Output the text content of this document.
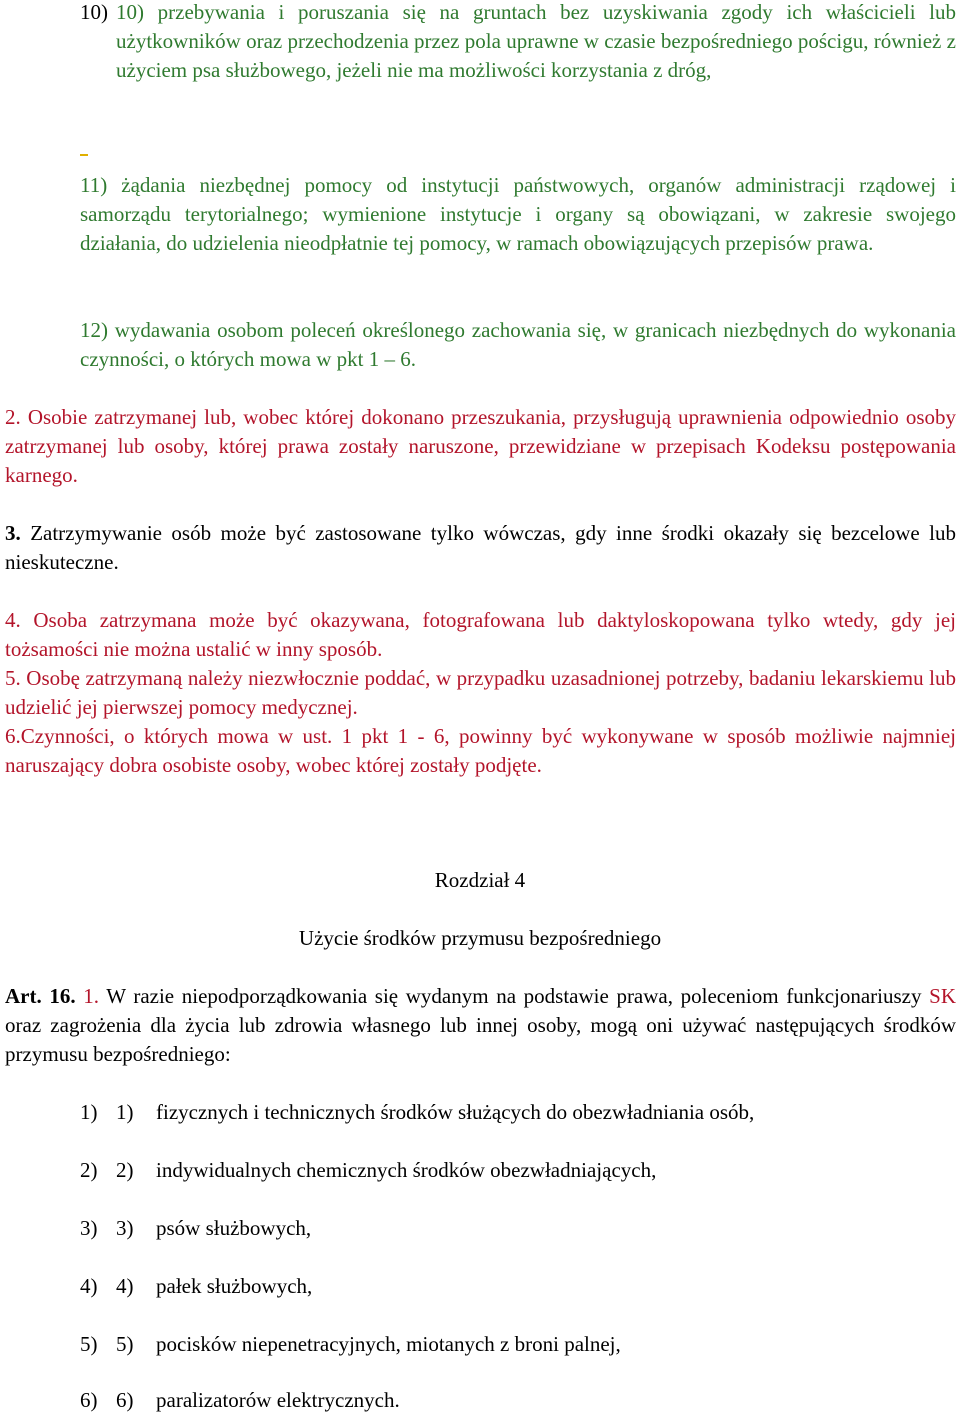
10) 10) przebywania i poruszania się na gruntach bez uzyskiwania zgody ich właścicieli lub użytkowników oraz przechodzenia przez pola uprawne w czasie bezpośredniego pościgu, również z użyciem psa służbowego, jeżeli nie ma możliwości korzystania z dróg,

11) żądania niezbędnej pomocy od instytucji państwowych, organów administracji rządowej i samorządu terytorialnego; wymienione instytucje i organy są obowiązani, w zakresie swojego działania, do udzielenia nieodpłatnie tej pomocy, w ramach obowiązujących przepisów prawa.

12) wydawania osobom poleceń określonego zachowania się, w granicach niezbędnych do wykonania czynności, o których mowa w pkt 1 – 6.

2. Osobie zatrzymanej lub, wobec której dokonano przeszukania, przysługują uprawnienia odpowiednio osoby zatrzymanej lub osoby, której prawa zostały naruszone, przewidziane w przepisach Kodeksu postępowania karnego.

3. Zatrzymywanie osób może być zastosowane tylko wówczas, gdy inne środki okazały się bezcelowe lub nieskuteczne.

4. Osoba zatrzymana może być okazywana, fotografowana lub daktyloskopowana tylko wtedy, gdy jej tożsamości nie można ustalić w inny sposób.

5. Osobę zatrzymaną należy niezwłocznie poddać, w przypadku uzasadnionej potrzeby, badaniu lekarskiemu lub udzielić jej pierwszej pomocy medycznej.

6.Czynności, o których mowa w ust. 1 pkt 1 - 6, powinny być wykonywane w sposób możliwie najmniej naruszający dobra osobiste osoby, wobec której zostały podjęte.

Rozdział 4
Użycie środków przymusu bezpośredniego

Art. 16. 1. W razie niepodporządkowania się wydanym na podstawie prawa, poleceniom funkcjonariuszy SK oraz zagrożenia dla życia lub zdrowia własnego lub innej osoby, mogą oni używać następujących środków przymusu bezpośredniego:

1) 1) fizycznych i technicznych środków służących do obezwładniania osób,
2) 2) indywidualnych chemicznych środków obezwładniających,
3) 3) psów służbowych,
4) 4) pałek służbowych,
5) 5) pocisków niepenetracyjnych, miotanych z broni palnej,
6) 6) paralizatorów elektrycznych.
